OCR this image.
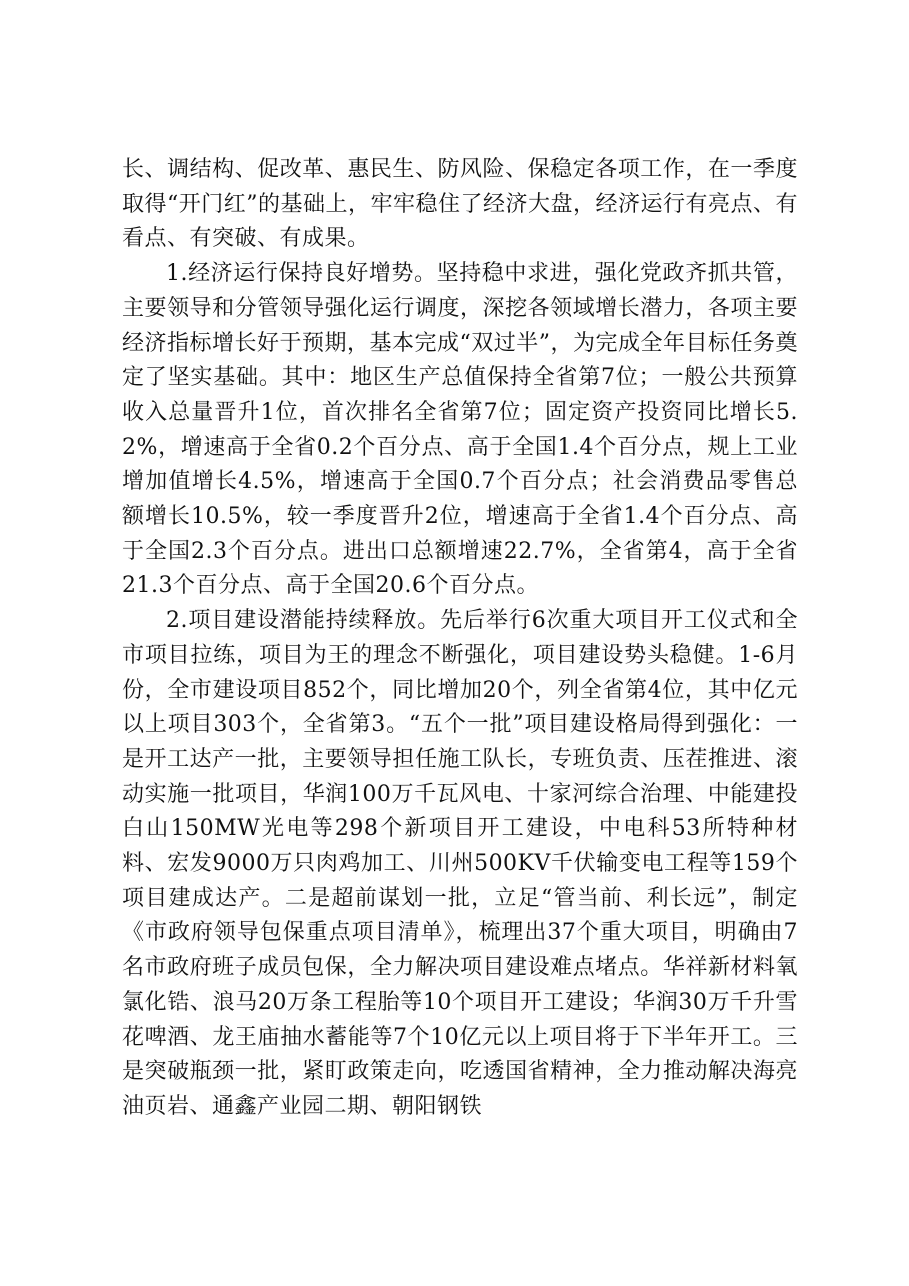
长、调结构、促改革、惠民生、防风险、保稳定各项工作，在一季度取得“开门红”的基础上，牢牢稳住了经济大盘，经济运行有亮点、有看点、有突破、有成果。

1.经济运行保持良好增势。坚持稳中求进，强化党政齐抓共管，主要领导和分管领导强化运行调度，深挖各领域增长潜力，各项主要经济指标增长好于预期，基本完成“双过半”，为完成全年目标任务奠定了坚实基础。其中：地区生产总值保持全省第7位；一般公共预算收入总量晋升1位，首次排名全省第7位；固定资产投资同比增长5.2%，增速高于全省0.2个百分点、高于全国1.4个百分点，规上工业增加值增长4.5%，增速高于全国0.7个百分点；社会消费品零售总额增长10.5%，较一季度晋升2位，增速高于全省1.4个百分点、高于全国2.3个百分点。进出口总额增速22.7%，全省第4，高于全省21.3个百分点、高于全国20.6个百分点。

2.项目建设潜能持续释放。先后举行6次重大项目开工仪式和全市项目拉练，项目为王的理念不断强化，项目建设势头稳健。1-6月份，全市建设项目852个，同比增加20个，列全省第4位，其中亿元以上项目303个，全省第3。“五个一批”项目建设格局得到强化：一是开工达产一批，主要领导担任施工队长，专班负责、压茬推进、滚动实施一批项目，华润100万千瓦风电、十家河综合治理、中能建投白山150MW光电等298个新项目开工建设，中电科53所特种材料、宏发9000万只肉鸡加工、川州500KV千伏输变电工程等159个项目建成达产。二是超前谋划一批，立足“管当前、利长远”，制定《市政府领导包保重点项目清单》，梳理出37个重大项目，明确由7名市政府班子成员包保，全力解决项目建设难点堵点。华祥新材料氧氯化锆、浪马20万条工程胎等10个项目开工建设；华润30万千升雪花啤酒、龙王庙抽水蓄能等7个10亿元以上项目将于下半年开工。三是突破瓶颈一批，紧盯政策走向，吃透国省精神，全力推动解决海亮油页岩、通鑫产业园二期、朝阳钢铁
